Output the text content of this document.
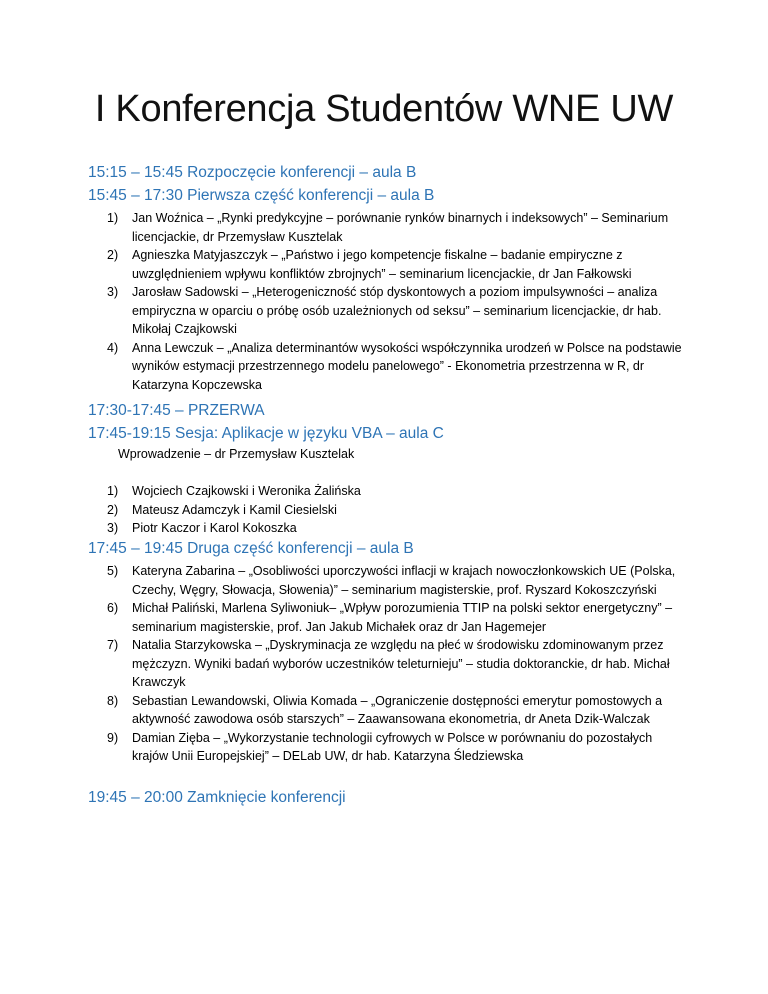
I Konferencja Studentów WNE UW
15:15 – 15:45 Rozpoczęcie konferencji – aula B
15:45 – 17:30 Pierwsza część konferencji – aula B
1) Jan Woźnica – „Rynki predykcyjne – porównanie rynków binarnych i indeksowych” – Seminarium licencjackie, dr Przemysław Kusztelak
2) Agnieszka Matyjaszczyk – „Państwo i jego kompetencje fiskalne – badanie empiryczne z uwzględnieniem wpływu konfliktów zbrojnych” – seminarium licencjackie, dr Jan Fałkowski
3) Jarosław Sadowski – „Heterogeniczność stóp dyskontowych a poziom impulsywności – analiza empiryczna w oparciu o próbę osób uzależnionych od seksu” – seminarium licencjackie, dr hab. Mikołaj Czajkowski
4) Anna Lewczuk – „Analiza determinantów wysokości współczynnika urodzeń w Polsce na podstawie wyników estymacji przestrzennego modelu panelowego” - Ekonometria przestrzenna w R, dr Katarzyna Kopczewska
17:30-17:45 – PRZERWA
17:45-19:15 Sesja: Aplikacje w języku VBA – aula C
Wprowadzenie – dr Przemysław Kusztelak
1) Wojciech Czajkowski i Weronika Żalińska
2) Mateusz Adamczyk i Kamil Ciesielski
3) Piotr Kaczor i Karol Kokoszka
17:45 – 19:45 Druga część konferencji – aula B
5) Kateryna Zabarina – „Osobliwości uporczywości inflacji w krajach nowoczłonkowskich UE (Polska, Czechy, Węgry, Słowacja, Słowenia)” – seminarium magisterskie, prof. Ryszard Kokoszczyński
6) Michał Paliński, Marlena Syliwoniuk– „Wpływ porozumienia TTIP na polski sektor energetyczny” – seminarium magisterskie, prof. Jan Jakub Michałek oraz dr Jan Hagemejer
7) Natalia Starzykowska – „Dyskryminacja ze względu na płeć w środowisku zdominowanym przez mężczyzn. Wyniki badań wyborów uczestników teleturnieju” – studia doktoranckie, dr hab. Michał Krawczyk
8) Sebastian Lewandowski, Oliwia Komada – „Ograniczenie dostępności emerytur pomostowych a aktywność zawodowa osób starszych” – Zaawansowana ekonometria, dr Aneta Dzik-Walczak
9) Damian Zięba – „Wykorzystanie technologii cyfrowych w Polsce w porównaniu do pozostałych krajów Unii Europejskiej” – DELab UW, dr hab. Katarzyna Śledziewska
19:45 – 20:00 Zamknięcie konferencji
